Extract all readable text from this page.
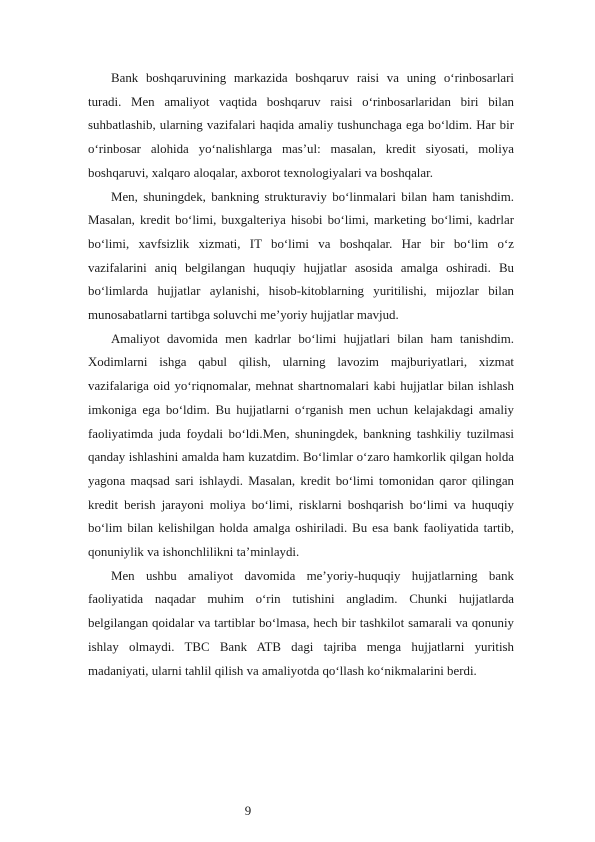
Bank boshqaruvining markazida boshqaruv raisi va uning o‘rinbosarlari turadi. Men amaliyot vaqtida boshqaruv raisi o‘rinbosarlaridan biri bilan suhbatlashib, ularning vazifalari haqida amaliy tushunchaga ega bo‘ldim. Har bir o‘rinbosar alohida yo‘nalishlarga mas’ul: masalan, kredit siyosati, moliya boshqaruvi, xalqaro aloqalar, axborot texnologiyalari va boshqalar.

Men, shuningdek, bankning strukturaviy bo‘linmalari bilan ham tanishdim. Masalan, kredit bo‘limi, buxgalteriya hisobi bo‘limi, marketing bo‘limi, kadrlar bo‘limi, xavfsizlik xizmati, IT bo‘limi va boshqalar. Har bir bo‘lim o‘z vazifalarini aniq belgilangan huquqiy hujjatlar asosida amalga oshiradi. Bu bo‘limlarda hujjatlar aylanishi, hisob-kitoblarning yuritilishi, mijozlar bilan munosabatlarni tartibga soluvchi me’yoriy hujjatlar mavjud.

Amaliyot davomida men kadrlar bo‘limi hujjatlari bilan ham tanishdim. Xodimlarni ishga qabul qilish, ularning lavozim majburiyatlari, xizmat vazifalariga oid yo‘riqnomalar, mehnat shartnomalari kabi hujjatlar bilan ishlash imkoniga ega bo‘ldim. Bu hujjatlarni o‘rganish men uchun kelajakdagi amaliy faoliyatimda juda foydali bo‘ldi.Men, shuningdek, bankning tashkiliy tuzilmasi qanday ishlashini amalda ham kuzatdim. Bo‘limlar o‘zaro hamkorlik qilgan holda yagona maqsad sari ishlaydi. Masalan, kredit bo‘limi tomonidan qaror qilingan kredit berish jarayoni moliya bo‘limi, risklarni boshqarish bo‘limi va huquqiy bo‘lim bilan kelishilgan holda amalga oshiriladi. Bu esa bank faoliyatida tartib, qonuniylik va ishonchlilikni ta’minlaydi.

Men ushbu amaliyot davomida me’yoriy-huquqiy hujjatlarning bank faoliyatida naqadar muhim o‘rin tutishini angladim. Chunki hujjatlarda belgilangan qoidalar va tartiblar bo‘lmasa, hech bir tashkilot samarali va qonuniy ishlay olmaydi. TBC Bank ATB dagi tajriba menga hujjatlarni yuritish madaniyati, ularni tahlil qilish va amaliyotda qo‘llash ko‘nikmalarini berdi.

9
